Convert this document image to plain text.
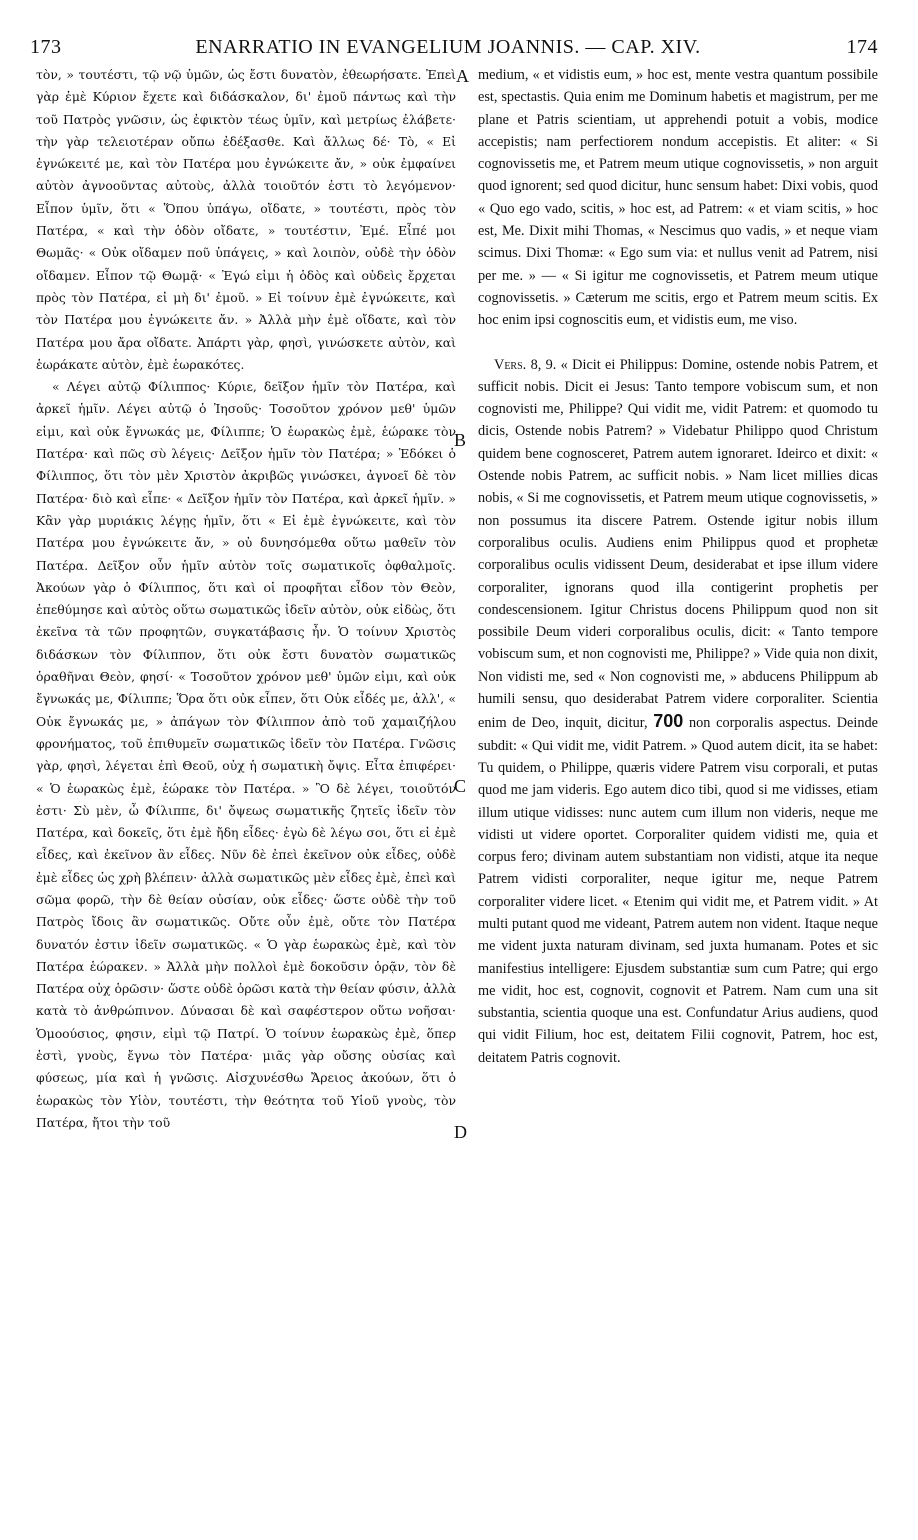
173	ENARRATIO IN EVANGELIUM JOANNIS. — CAP. XIV.	174

τὸν, » τουτέστι, τῷ νῷ ὑμῶν, ὡς ἔστι δυνατὸν, ἐθεωρήσατε. Ἐπεὶ γὰρ ἐμὲ Κύριον ἔχετε καὶ διδάσκαλον, δι' ἐμοῦ πάντως καὶ τὴν τοῦ Πατρὸς γνῶσιν, ὡς ἐφικτὸν τέως ὑμῖν, καὶ μετρίως ἐλάβετε· τὴν γὰρ τελειοτέραν οὔπω ἐδέξασθε. Καὶ ἄλλως δέ· Τὸ, « Εἰ ἐγνώκειτέ με, καὶ τὸν Πατέρα μου ἐγνώκειτε ἄν, » οὐκ ἐμφαίνει αὐτὸν ἀγνοοῦντας αὐτοὺς, ἀλλὰ τοιοῦτόν ἐστι τὸ λεγόμενον· Εἶπον ὑμῖν, ὅτι « Ὅπου ὑπάγω, οἴδατε, » τουτέστι, πρὸς τὸν Πατέρα, « καὶ τὴν ὁδὸν οἴδατε, » τουτέστιν, Ἐμέ. Εἶπέ μοι Θωμᾶς· « Οὐκ οἴδαμεν ποῦ ὑπάγεις, » καὶ λοιπὸν, οὐδὲ τὴν ὁδὸν οἴδαμεν. Εἶπον τῷ Θωμᾷ· « Ἐγώ εἰμι ἡ ὁδὸς καὶ οὐδεὶς ἔρχεται πρὸς τὸν Πατέρα, εἰ μὴ δι' ἐμοῦ. » Εἰ τοίνυν ἐμὲ ἐγνώκειτε, καὶ τὸν Πατέρα μου ἐγνώκειτε ἄν. » Ἀλλὰ μὴν ἐμὲ οἴδατε, καὶ τὸν Πατέρα μου ἄρα οἴδατε. Ἀπάρτι γὰρ, φησὶ, γινώσκετε αὐτὸν, καὶ ἑωράκατε αὐτὸν, ἐμὲ ἑωρακότες.

« Λέγει αὐτῷ Φίλιππος· Κύριε, δεῖξον ἡμῖν τὸν Πατέρα, καὶ ἀρκεῖ ἡμῖν. Λέγει αὐτῷ ὁ Ἰησοῦς· Τοσοῦτον χρόνον μεθ' ὑμῶν εἰμι, καὶ οὐκ ἔγνωκάς με, Φίλιππε; Ὁ ἑωρακὼς ἐμὲ, ἑώρακε τὸν Πατέρα· καὶ πῶς σὺ λέγεις· Δεῖξον ἡμῖν τὸν Πατέρα; » Ἐδόκει ὁ Φίλιππος, ὅτι τὸν μὲν Χριστὸν ἀκριβῶς γινώσκει, ἀγνοεῖ δὲ τὸν Πατέρα· διὸ καὶ εἶπε· « Δεῖξον ἡμῖν τὸν Πατέρα, καὶ ἀρκεῖ ἡμῖν. » Κἂν γὰρ μυριάκις λέγῃς ἡμῖν, ὅτι « Εἰ ἐμὲ ἐγνώκειτε, καὶ τὸν Πατέρα μου ἐγνώκειτε ἄν, » οὐ δυνησόμεθα οὕτω μαθεῖν τὸν Πατέρα. Δεῖξον οὖν ἡμῖν αὐτὸν τοῖς σωματικοῖς ὀφθαλμοῖς. Ἀκούων γὰρ ὁ Φίλιππος, ὅτι καὶ οἱ προφῆται εἶδον τὸν Θεὸν, ἐπεθύμησε καὶ αὐτὸς οὕτω σωματικῶς ἰδεῖν αὐτὸν, οὐκ εἰδὼς, ὅτι ἐκεῖνα τὰ τῶν προφητῶν, συγκατάβασις ἦν. Ὁ τοίνυν Χριστὸς διδάσκων τὸν Φίλιππον, ὅτι οὐκ ἔστι δυνατὸν σωματικῶς ὁραθῆναι Θεὸν, φησί· « Τοσοῦτον χρόνον μεθ' ὑμῶν εἰμι, καὶ οὐκ ἔγνωκάς με, Φίλιππε; Ὅρα ὅτι οὐκ εἶπεν, ὅτι Οὐκ εἶδές με, ἀλλ', « Οὐκ ἔγνωκάς με, » ἀπάγων τὸν Φίλιππον ἀπὸ τοῦ χαμαιζήλου φρονήματος, τοῦ ἐπιθυμεῖν σωματικῶς ἰδεῖν τὸν Πατέρα. Γνῶσις γὰρ, φησὶ, λέγεται ἐπὶ Θεοῦ, οὐχ ἡ σωματικὴ ὄψις. Εἶτα ἐπιφέρει· « Ὁ ἑωρακὼς ἐμὲ, ἑώρακε τὸν Πατέρα. » Ὃ δὲ λέγει, τοιοῦτόν ἐστι· Σὺ μὲν, ὦ Φίλιππε, δι' ὄψεως σωματικῆς ζητεῖς ἰδεῖν τὸν Πατέρα, καὶ δοκεῖς, ὅτι ἐμὲ ἤδη εἶδες· ἐγὼ δὲ λέγω σοι, ὅτι εἰ ἐμὲ εἶδες, καὶ ἐκεῖνον ἂν εἶδες. Νῦν δὲ ἐπεὶ ἐκεῖνον οὐκ εἶδες, οὐδὲ ἐμὲ εἶδες ὡς χρὴ βλέπειν· ἀλλὰ σωματικῶς μὲν εἶδες ἐμὲ, ἐπεὶ καὶ σῶμα φορῶ, τὴν δὲ θείαν οὐσίαν, οὐκ εἶδες· ὥστε οὐδὲ τὴν τοῦ Πατρὸς ἴδοις ἂν σωματικῶς. Οὔτε οὖν ἐμὲ, οὔτε τὸν Πατέρα δυνατόν ἐστιν ἰδεῖν σωματικῶς. « Ὁ γὰρ ἑωρακὼς ἐμὲ, καὶ τὸν Πατέρα ἑώρακεν. » Ἀλλὰ μὴν πολλοὶ ἐμὲ δοκοῦσιν ὁρᾷν, τὸν δὲ Πατέρα οὐχ ὁρῶσιν· ὥστε οὐδὲ ὁρῶσι κατὰ τὴν θείαν φύσιν, ἀλλὰ κατὰ τὸ ἀνθρώπινον. Δύνασαι δὲ καὶ σαφέστερον οὕτω νοῆσαι· Ὁμοούσιος, φησιν, εἰμὶ τῷ Πατρί. Ὁ τοίνυν ἑωρακὼς ἐμὲ, ὅπερ ἐστὶ, γνοὺς, ἔγνω τὸν Πατέρα· μιᾶς γὰρ οὔσης οὐσίας καὶ φύσεως, μία καὶ ἡ γνῶσις. Αἰσχυνέσθω Ἄρειος ἀκούων, ὅτι ὁ ἑωρακὼς τὸν Υἱὸν, τουτέστι, τὴν θεότητα τοῦ Υἱοῦ γνοὺς, τὸν Πατέρα, ἤτοι τὴν τοῦ

A
B
C
D

medium, « et vidistis eum, » hoc est, mente vestra quantum possibile est, spectastis. Quia enim me Dominum habetis et magistrum, per me plane et Patris scientiam, ut apprehendi potuit a vobis, modice accepistis; nam perfectiorem nondum accepistis. Et aliter: « Si cognovissetis me, et Patrem meum utique cognovissetis, » non arguit quod ignorent; sed quod dicitur, hunc sensum habet: Dixi vobis, quod « Quo ego vado, scitis, » hoc est, ad Patrem: « et viam scitis, » hoc est, Me. Dixit mihi Thomas, « Nescimus quo vadis, » et neque viam scimus. Dixi Thomæ: « Ego sum via: et nullus venit ad Patrem, nisi per me. » — « Si igitur me cognovissetis, et Patrem meum utique cognovissetis. » Cæterum me scitis, ergo et Patrem meum scitis. Ex hoc enim ipsi cognoscitis eum, et vidistis eum, me viso.

Vers. 8, 9. « Dicit ei Philippus: Domine, ostende nobis Patrem, et sufficit nobis. Dicit ei Jesus: Tanto tempore vobiscum sum, et non cognovisti me, Philippe? Qui vidit me, vidit Patrem: et quomodo tu dicis, Ostende nobis Patrem? » Videbatur Philippo quod Christum quidem bene cognosceret, Patrem autem ignoraret. Ideirco et dixit: « Ostende nobis Patrem, ac sufficit nobis. » Nam licet millies dicas nobis, « Si me cognovissetis, et Patrem meum utique cognovissetis, » non possumus ita discere Patrem. Ostende igitur nobis illum corporalibus oculis. Audiens enim Philippus quod et prophetæ corporalibus oculis vidissent Deum, desiderabat et ipse illum videre corporaliter, ignorans quod illa contigerint prophetis per condescensionem. Igitur Christus docens Philippum quod non sit possibile Deum videri corporalibus oculis, dicit: « Tanto tempore vobiscum sum, et non cognovisti me, Philippe? » Vide quia non dixit, Non vidisti me, sed « Non cognovisti me, » abducens Philippum ab humili sensu, quo desiderabat Patrem videre corporaliter. Scientia enim de Deo, inquit, dicitur, 700 non corporalis aspectus. Deinde subdit: « Qui vidit me, vidit Patrem. » Quod autem dicit, ita se habet: Tu quidem, o Philippe, quæris videre Patrem visu corporali, et putas quod me jam videris. Ego autem dico tibi, quod si me vidisses, etiam illum utique vidisses: nunc autem cum illum non videris, neque me vidisti ut videre oportet. Corporaliter quidem vidisti me, quia et corpus fero; divinam autem substantiam non vidisti, atque ita neque Patrem vidisti corporaliter, neque igitur me, neque Patrem corporaliter videre licet. « Etenim qui vidit me, et Patrem vidit. » At multi putant quod me videant, Patrem autem non vident. Itaque neque me vident juxta naturam divinam, sed juxta humanam. Potes et sic manifestius intelligere: Ejusdem substantiæ sum cum Patre; qui ergo me vidit, hoc est, cognovit, cognovit et Patrem. Nam cum una sit substantia, scientia quoque una est. Confundatur Arius audiens, quod qui vidit Filium, hoc est, deitatem Filii cognovit, Patrem, hoc est, deitatem Patris cognovit.
